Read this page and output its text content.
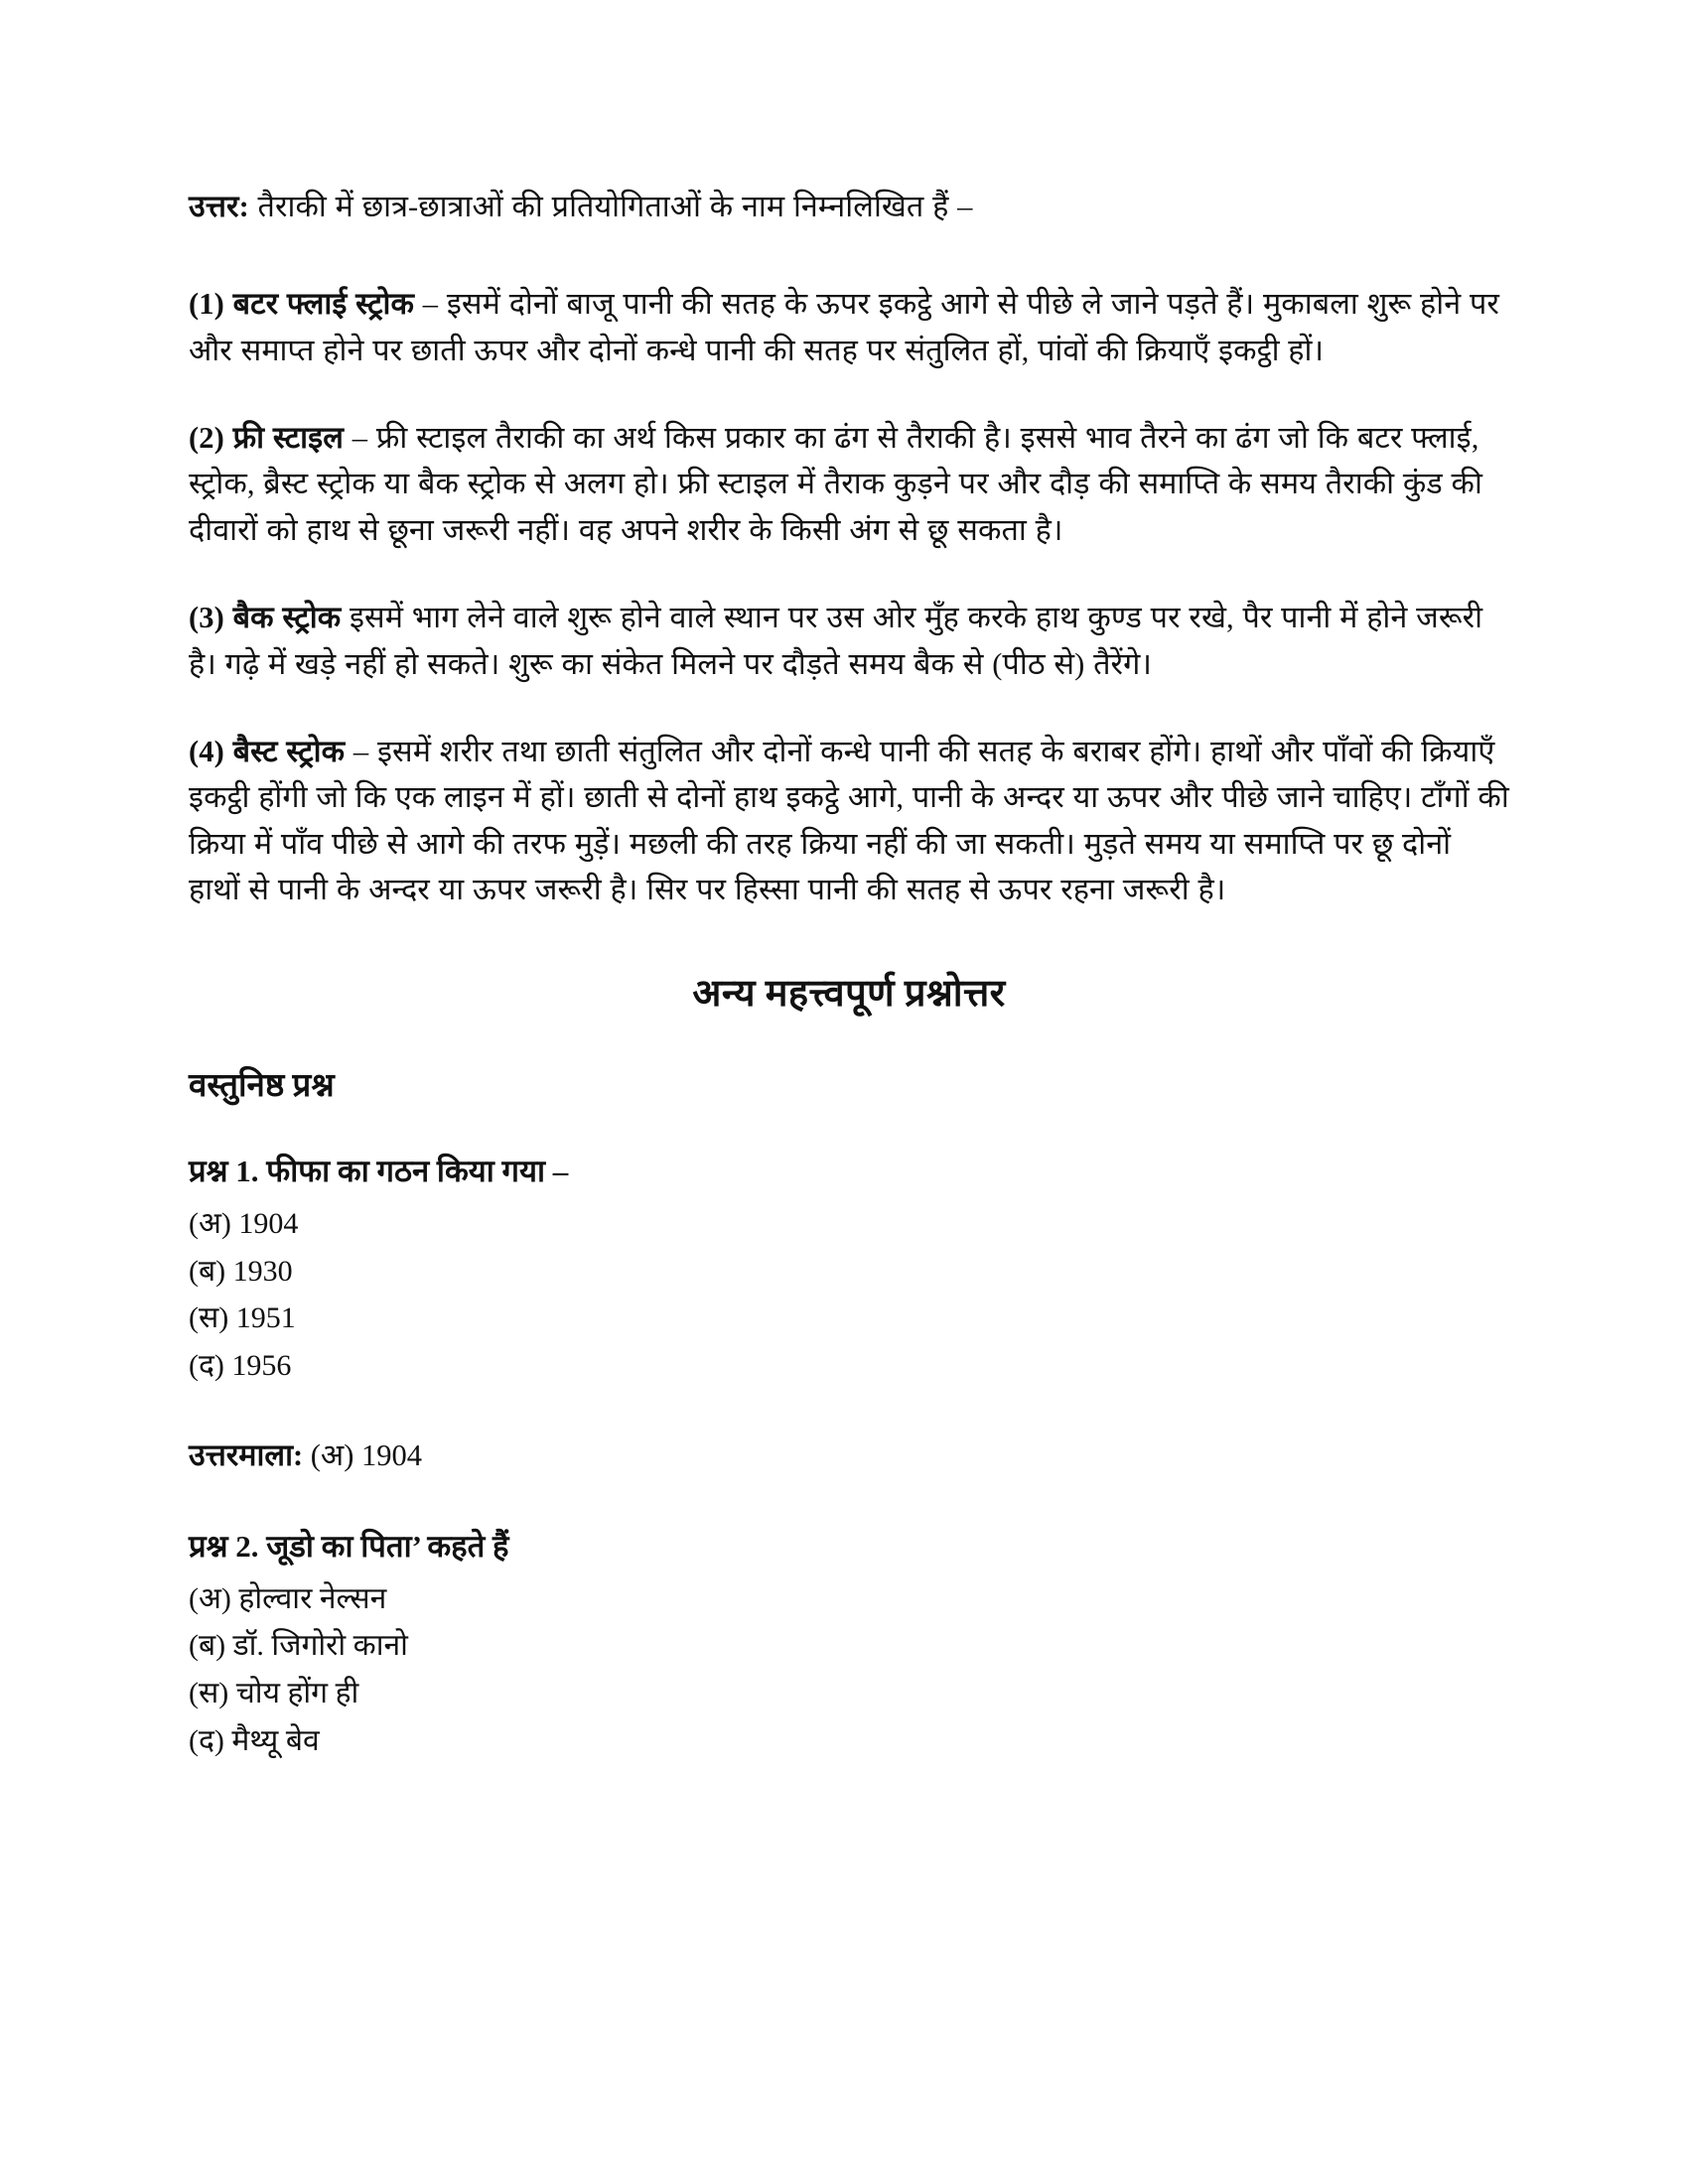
उत्तर: तैराकी में छात्र-छात्राओं की प्रतियोगिताओं के नाम निम्नलिखित हैं –

(1) बटर फ्लाई स्ट्रोक – इसमें दोनों बाजू पानी की सतह के ऊपर इकट्ठे आगे से पीछे ले जाने पड़ते हैं। मुकाबला शुरू होने पर और समाप्त होने पर छाती ऊपर और दोनों कन्धे पानी की सतह पर संतुलित हों, पांवों की क्रियाएँ इकट्ठी हों।

(2) फ्री स्टाइल – फ्री स्टाइल तैराकी का अर्थ किस प्रकार का ढंग से तैराकी है। इससे भाव तैरने का ढंग जो कि बटर फ्लाई, स्ट्रोक, ब्रैस्ट स्ट्रोक या बैक स्ट्रोक से अलग हो। फ्री स्टाइल में तैराक कुड़ने पर और दौड़ की समाप्ति के समय तैराकी कुंड की दीवारों को हाथ से छूना जरूरी नहीं। वह अपने शरीर के किसी अंग से छू सकता है।

(3) बैक स्ट्रोक इसमें भाग लेने वाले शुरू होने वाले स्थान पर उस ओर मुँह करके हाथ कुण्ड पर रखे, पैर पानी में होने जरूरी है। गढ़े में खड़े नहीं हो सकते। शुरू का संकेत मिलने पर दौड़ते समय बैक से (पीठ से) तैरेंगे।

(4) बैस्ट स्ट्रोक – इसमें शरीर तथा छाती संतुलित और दोनों कन्धे पानी की सतह के बराबर होंगे। हाथों और पाँवों की क्रियाएँ इकट्ठी होंगी जो कि एक लाइन में हों। छाती से दोनों हाथ इकट्ठे आगे, पानी के अन्दर या ऊपर और पीछे जाने चाहिए। टाँगों की क्रिया में पाँव पीछे से आगे की तरफ मुड़ें। मछली की तरह क्रिया नहीं की जा सकती। मुड़ते समय या समाप्ति पर छू दोनों हाथों से पानी के अन्दर या ऊपर जरूरी है। सिर पर हिस्सा पानी की सतह से ऊपर रहना जरूरी है।

अन्य महत्त्वपूर्ण प्रश्नोत्तर
वस्तुनिष्ठ प्रश्न

प्रश्न 1. फीफा का गठन किया गया –

(अ) 1904

(ब) 1930

(स) 1951

(द) 1956

उत्तरमाला: (अ) 1904

प्रश्न 2. जूडो का पिता’ कहते हैं

(अ) होल्वार नेल्सन

(ब) डॉ. जिगोरो कानो

(स) चोय होंग ही

(द) मैथ्यू बेव
